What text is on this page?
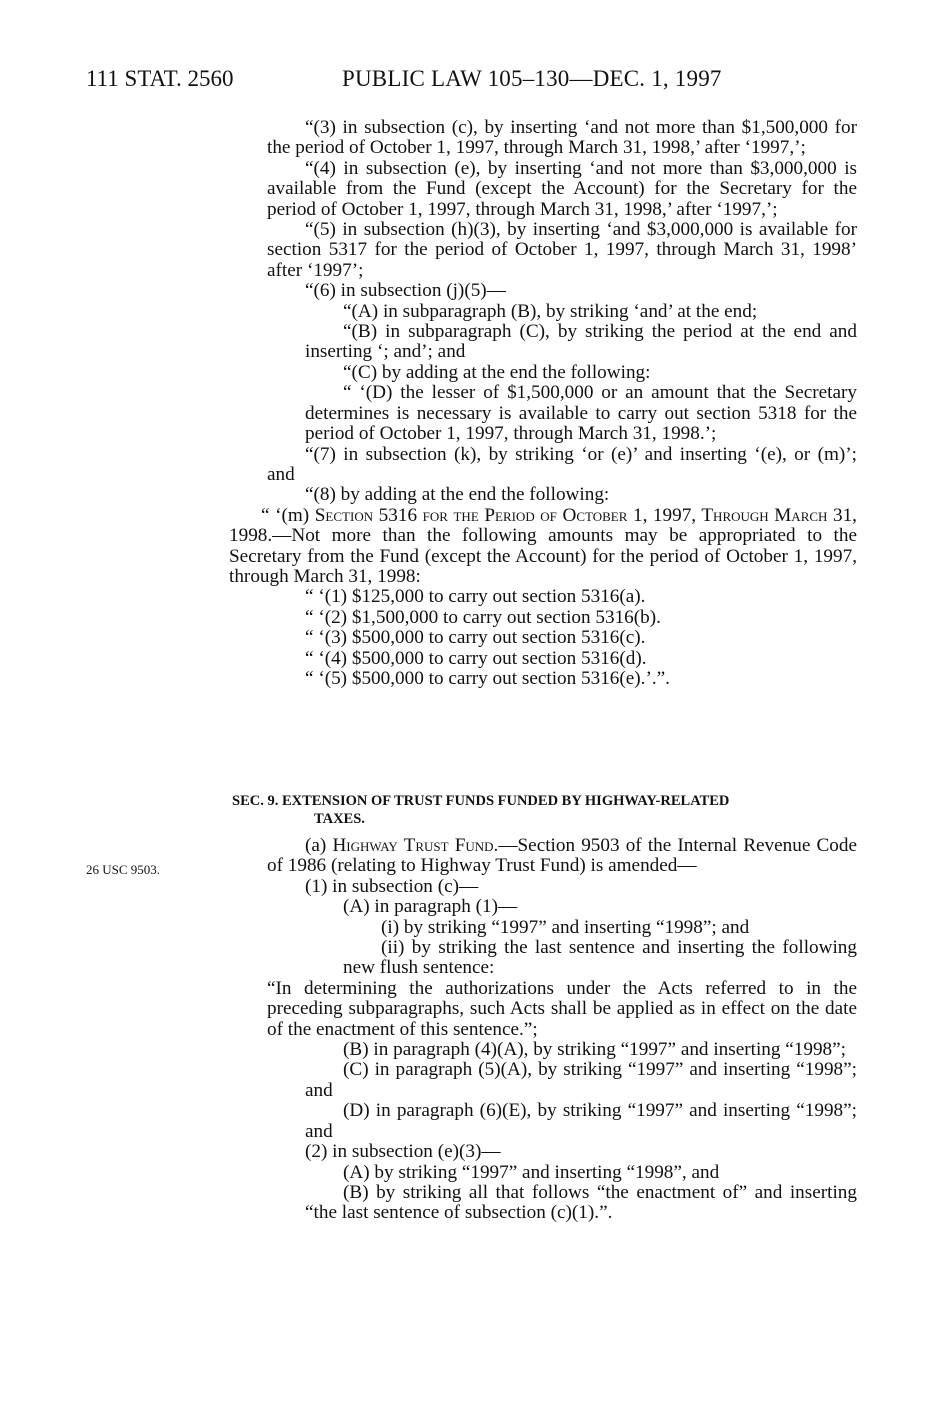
111 STAT. 2560	PUBLIC LAW 105–130—DEC. 1, 1997

“(3) in subsection (c), by inserting ‘and not more than $1,500,000 for the period of October 1, 1997, through March 31, 1998,’ after ‘1997,’;

“(4) in subsection (e), by inserting ‘and not more than $3,000,000 is available from the Fund (except the Account) for the Secretary for the period of October 1, 1997, through March 31, 1998,’ after ‘1997,’;

“(5) in subsection (h)(3), by inserting ‘and $3,000,000 is available for section 5317 for the period of October 1, 1997, through March 31, 1998’ after ‘1997’;

“(6) in subsection (j)(5)—

“(A) in subparagraph (B), by striking ‘and’ at the end;

“(B) in subparagraph (C), by striking the period at the end and inserting ‘; and’; and

“(C) by adding at the end the following:

“ ‘(D) the lesser of $1,500,000 or an amount that the Secretary determines is necessary is available to carry out section 5318 for the period of October 1, 1997, through March 31, 1998.’;

“(7) in subsection (k), by striking ‘or (e)’ and inserting ‘(e), or (m)’; and

“(8) by adding at the end the following:

“ ‘(m) Section 5316 for the Period of October 1, 1997, Through March 31, 1998.—Not more than the following amounts may be appropriated to the Secretary from the Fund (except the Account) for the period of October 1, 1997, through March 31, 1998:

“ ‘(1) $125,000 to carry out section 5316(a).

“ ‘(2) $1,500,000 to carry out section 5316(b).

“ ‘(3) $500,000 to carry out section 5316(c).

“ ‘(4) $500,000 to carry out section 5316(d).

“ ‘(5) $500,000 to carry out section 5316(e).’.”.

SEC. 9. EXTENSION OF TRUST FUNDS FUNDED BY HIGHWAY-RELATED
TAXES.
26 USC 9503.

(a) Highway Trust Fund.—Section 9503 of the Internal Revenue Code of 1986 (relating to Highway Trust Fund) is amended—

(1) in subsection (c)—

(A) in paragraph (1)—

(i) by striking “1997” and inserting “1998”; and

(ii) by striking the last sentence and inserting the following new flush sentence:

“In determining the authorizations under the Acts referred to in the preceding subparagraphs, such Acts shall be applied as in effect on the date of the enactment of this sentence.”;

(B) in paragraph (4)(A), by striking “1997” and inserting “1998”;

(C) in paragraph (5)(A), by striking “1997” and inserting “1998”; and

(D) in paragraph (6)(E), by striking “1997” and inserting “1998”; and

(2) in subsection (e)(3)—

(A) by striking “1997” and inserting “1998”, and

(B) by striking all that follows “the enactment of” and inserting “the last sentence of subsection (c)(1).”.
